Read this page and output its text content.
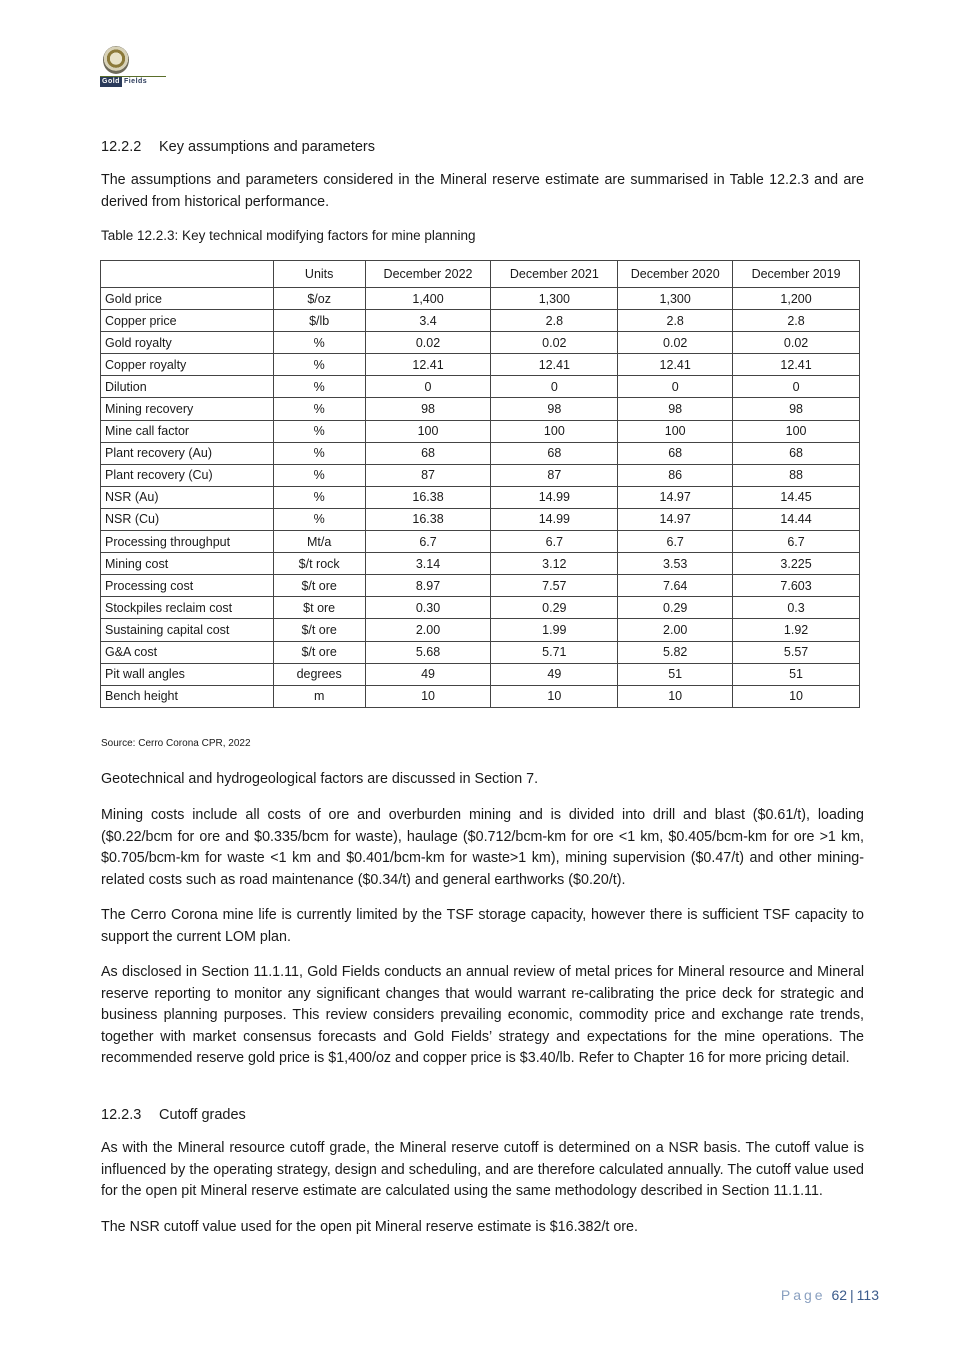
Gold Fields
12.2.2 Key assumptions and parameters
The assumptions and parameters considered in the Mineral reserve estimate are summarised in Table 12.2.3 and are derived from historical performance.
Table 12.2.3: Key technical modifying factors for mine planning
	Units	December 2022	December 2021	December 2020	December 2019
Gold price	$/oz	1,400	1,300	1,300	1,200
Copper price	$/lb	3.4	2.8	2.8	2.8
Gold royalty	%	0.02	0.02	0.02	0.02
Copper royalty	%	12.41	12.41	12.41	12.41
Dilution	%	0	0	0	0
Mining recovery	%	98	98	98	98
Mine call factor	%	100	100	100	100
Plant recovery (Au)	%	68	68	68	68
Plant recovery (Cu)	%	87	87	86	88
NSR (Au)	%	16.38	14.99	14.97	14.45
NSR (Cu)	%	16.38	14.99	14.97	14.44
Processing throughput	Mt/a	6.7	6.7	6.7	6.7
Mining cost	$/t rock	3.14	3.12	3.53	3.225
Processing cost	$/t ore	8.97	7.57	7.64	7.603
Stockpiles reclaim cost	$t ore	0.30	0.29	0.29	0.3
Sustaining capital cost	$/t ore	2.00	1.99	2.00	1.92
G&A cost	$/t ore	5.68	5.71	5.82	5.57
Pit wall angles	degrees	49	49	51	51
Bench height	m	10	10	10	10
Source: Cerro Corona CPR, 2022
Geotechnical and hydrogeological factors are discussed in Section 7.
Mining costs include all costs of ore and overburden mining and is divided into drill and blast ($0.61/t), loading ($0.22/bcm for ore and $0.335/bcm for waste), haulage ($0.712/bcm-km for ore <1 km, $0.405/bcm-km for ore >1 km, $0.705/bcm-km for waste <1 km and $0.401/bcm-km for waste>1 km), mining supervision ($0.47/t) and other mining-related costs such as road maintenance ($0.34/t) and general earthworks ($0.20/t).
The Cerro Corona mine life is currently limited by the TSF storage capacity, however there is sufficient TSF capacity to support the current LOM plan.
As disclosed in Section 11.1.11, Gold Fields conducts an annual review of metal prices for Mineral resource and Mineral reserve reporting to monitor any significant changes that would warrant re-calibrating the price deck for strategic and business planning purposes. This review considers prevailing economic, commodity price and exchange rate trends, together with market consensus forecasts and Gold Fields’ strategy and expectations for the mine operations. The recommended reserve gold price is $1,400/oz and copper price is $3.40/lb. Refer to Chapter 16 for more pricing detail.
12.2.3 Cutoff grades
As with the Mineral resource cutoff grade, the Mineral reserve cutoff is determined on a NSR basis. The cutoff value is influenced by the operating strategy, design and scheduling, and are therefore calculated annually. The cutoff value used for the open pit Mineral reserve estimate are calculated using the same methodology described in Section 11.1.11.
The NSR cutoff value used for the open pit Mineral reserve estimate is $16.382/t ore.
Page 62 | 113
